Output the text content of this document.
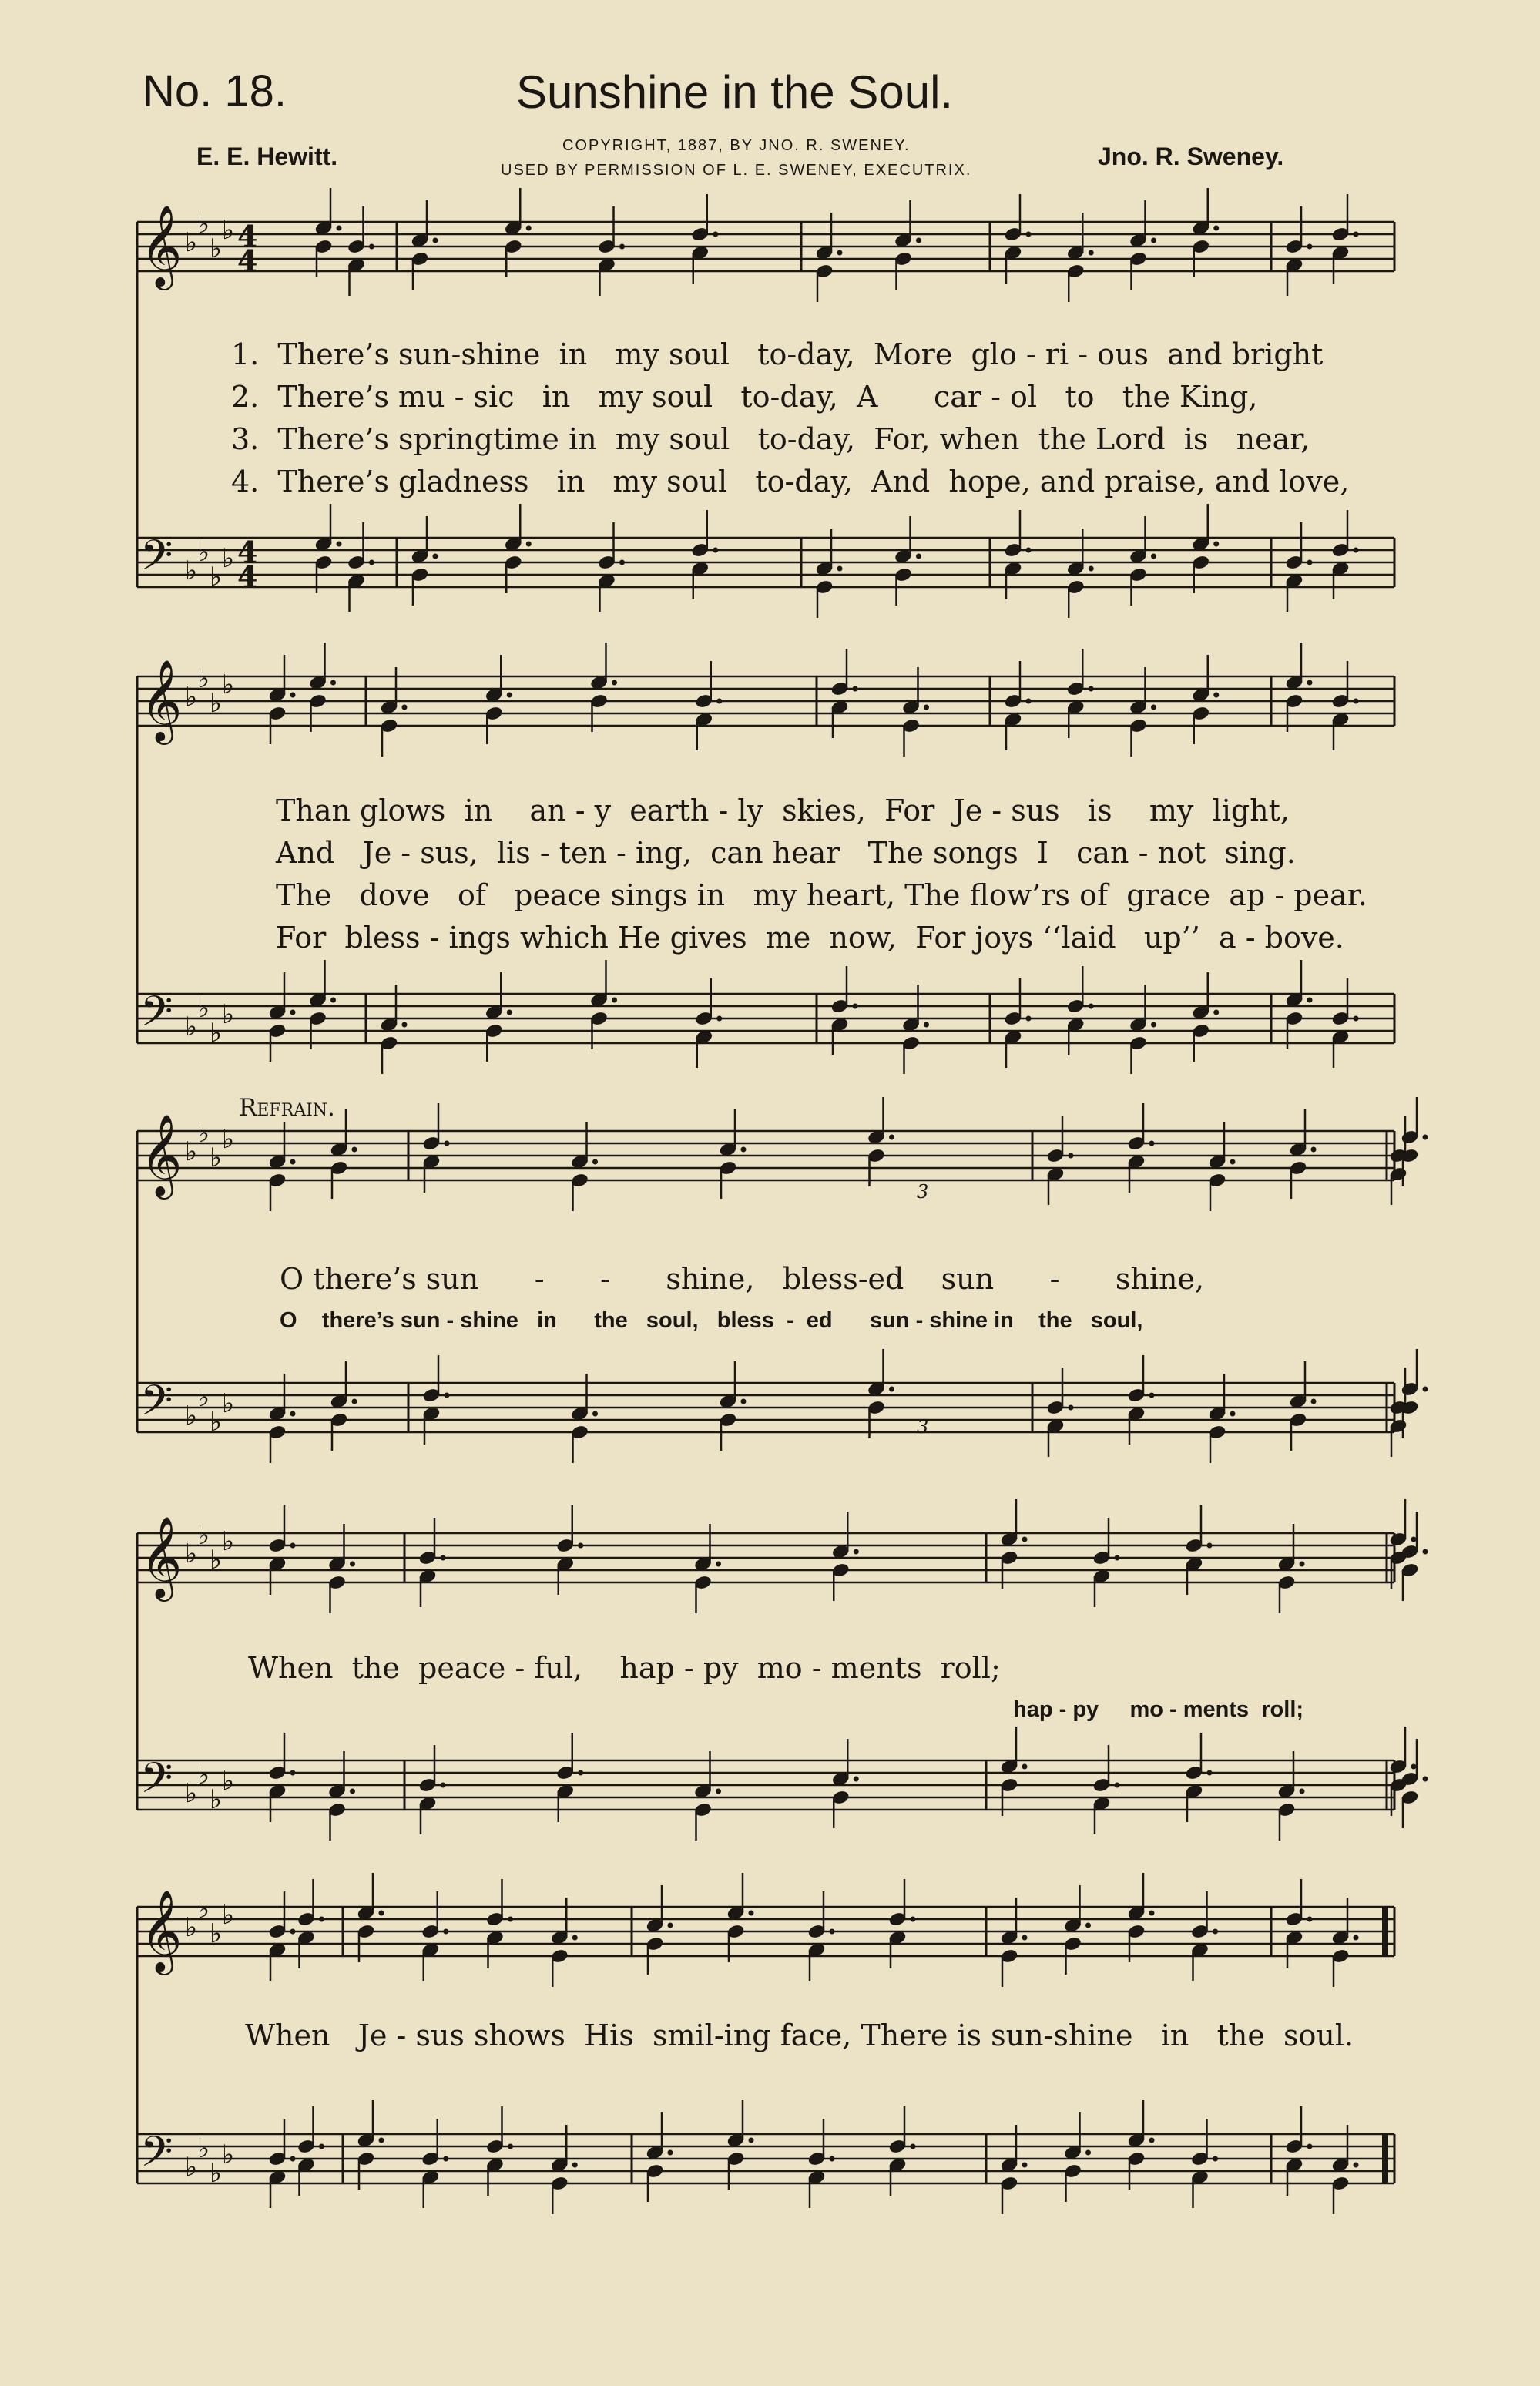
No. 18.	Sunshine in the Soul.
E. E. Hewitt.	COPYRIGHT, 1887, BY JNO. R. SWENEY.
USED BY PERMISSION OF L. E. SWENEY, EXECUTRIX.	Jno. R. Sweney.
𝄞 ♭
♭
♭
♭ 4
4
𝄢 ♭
♭
♭
♭ 4
4
𝄞 ♭
♭
♭
♭
𝄢 ♭
♭
♭
♭
𝄞 ♭
♭
♭
♭
𝄢 ♭
♭
♭
♭
𝄞 ♭
♭
♭
♭
𝄢 ♭
♭
♭
♭
𝄞 ♭
♭
♭
♭
𝄢 ♭
♭
♭
♭
3
3
1.  There’s sun-shine  in   my soul   to-day,  More  glo - ri - ous  and bright
2.  There’s mu - sic   in   my soul   to-day,  A      car - ol   to   the King,
3.  There’s springtime in  my soul   to-day,  For, when  the Lord  is   near,
4.  There’s gladness   in   my soul   to-day,  And  hope, and praise, and love,
Than glows  in    an - y  earth - ly  skies,  For  Je - sus   is    my  light,
And   Je - sus,  lis - ten - ing,  can hear   The songs  I   can - not  sing.
The   dove   of   peace sings in   my heart, The flow’rs of  grace  ap - pear.
For  bless - ings which He gives  me  now,  For joys ‘‘laid   up’’  a - bove.
Refrain.
O there’s sun      -      -      shine,   bless-ed    sun      -      shine,
O    there’s sun - shine   in      the   soul,   bless  -  ed      sun - shine in    the   soul,
When  the  peace - ful,    hap - py  mo - ments  roll;
hap - py     mo - ments  roll;
When   Je - sus shows  His  smil-ing face, There is sun-shine   in   the  soul.
